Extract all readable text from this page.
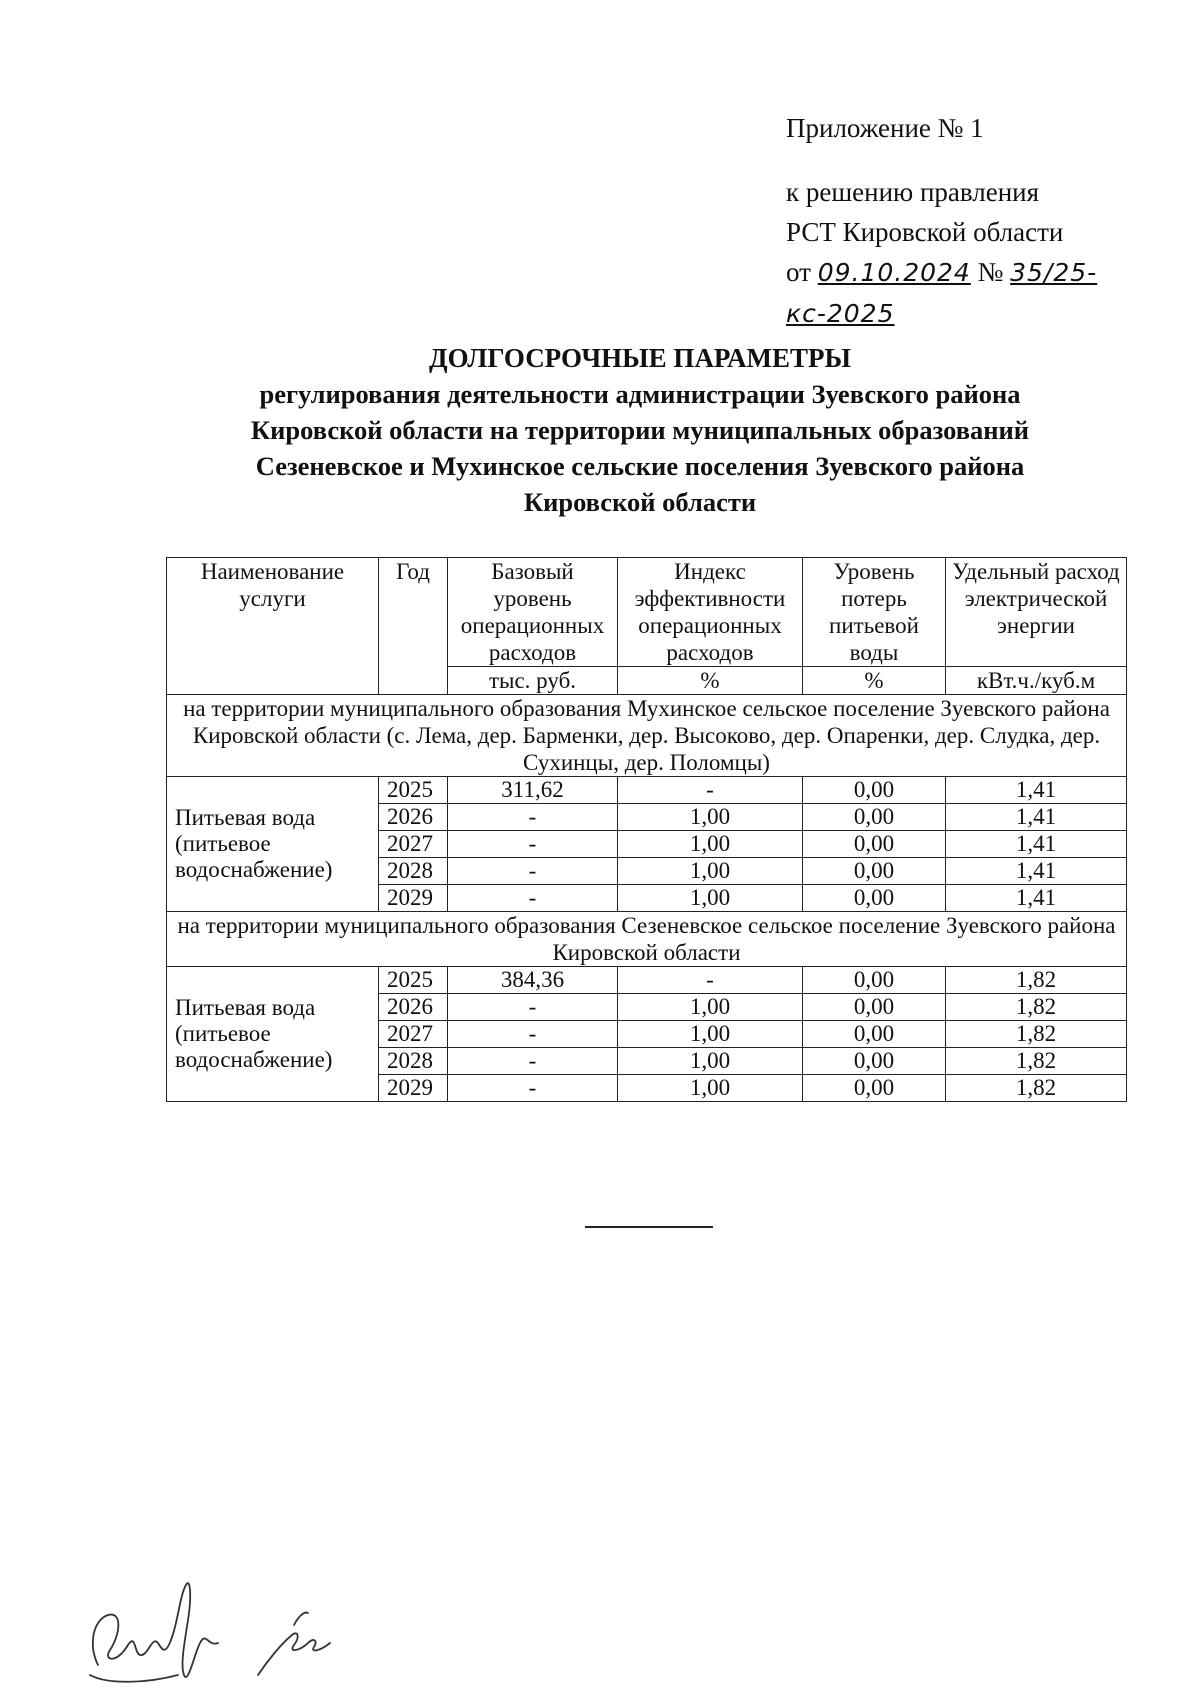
Приложение № 1
к решению правления
РСТ Кировской области
от 09.10.2024 № 35/25-кс-2025
ДОЛГОСРОЧНЫЕ ПАРАМЕТРЫ
регулирования деятельности администрации Зуевского района
Кировской области на территории муниципальных образований
Сезеневское и Мухинское сельские поселения Зуевского района
Кировской области
Наименование услуги	Год	Базовый уровень операционных расходов	Индекс эффективности операционных расходов	Уровень потерь питьевой воды	Удельный расход электрической энергии
		тыс. руб.	%	%	кВт.ч./куб.м
на территории муниципального образования Мухинское сельское поселение Зуевского района Кировской области (с. Лема, дер. Барменки, дер. Высоково, дер. Опаренки, дер. Слудка, дер. Сухинцы, дер. Поломцы)					
Питьевая вода (питьевое водоснабжение)	2025	311,62	-	0,00	1,41
	2026	-	1,00	0,00	1,41
	2027	-	1,00	0,00	1,41
	2028	-	1,00	0,00	1,41
	2029	-	1,00	0,00	1,41
на территории муниципального образования Сезеневское сельское поселение Зуевского района Кировской области					
Питьевая вода (питьевое водоснабжение)	2025	384,36	-	0,00	1,82
	2026	-	1,00	0,00	1,82
	2027	-	1,00	0,00	1,82
	2028	-	1,00	0,00	1,82
	2029	-	1,00	0,00	1,82
